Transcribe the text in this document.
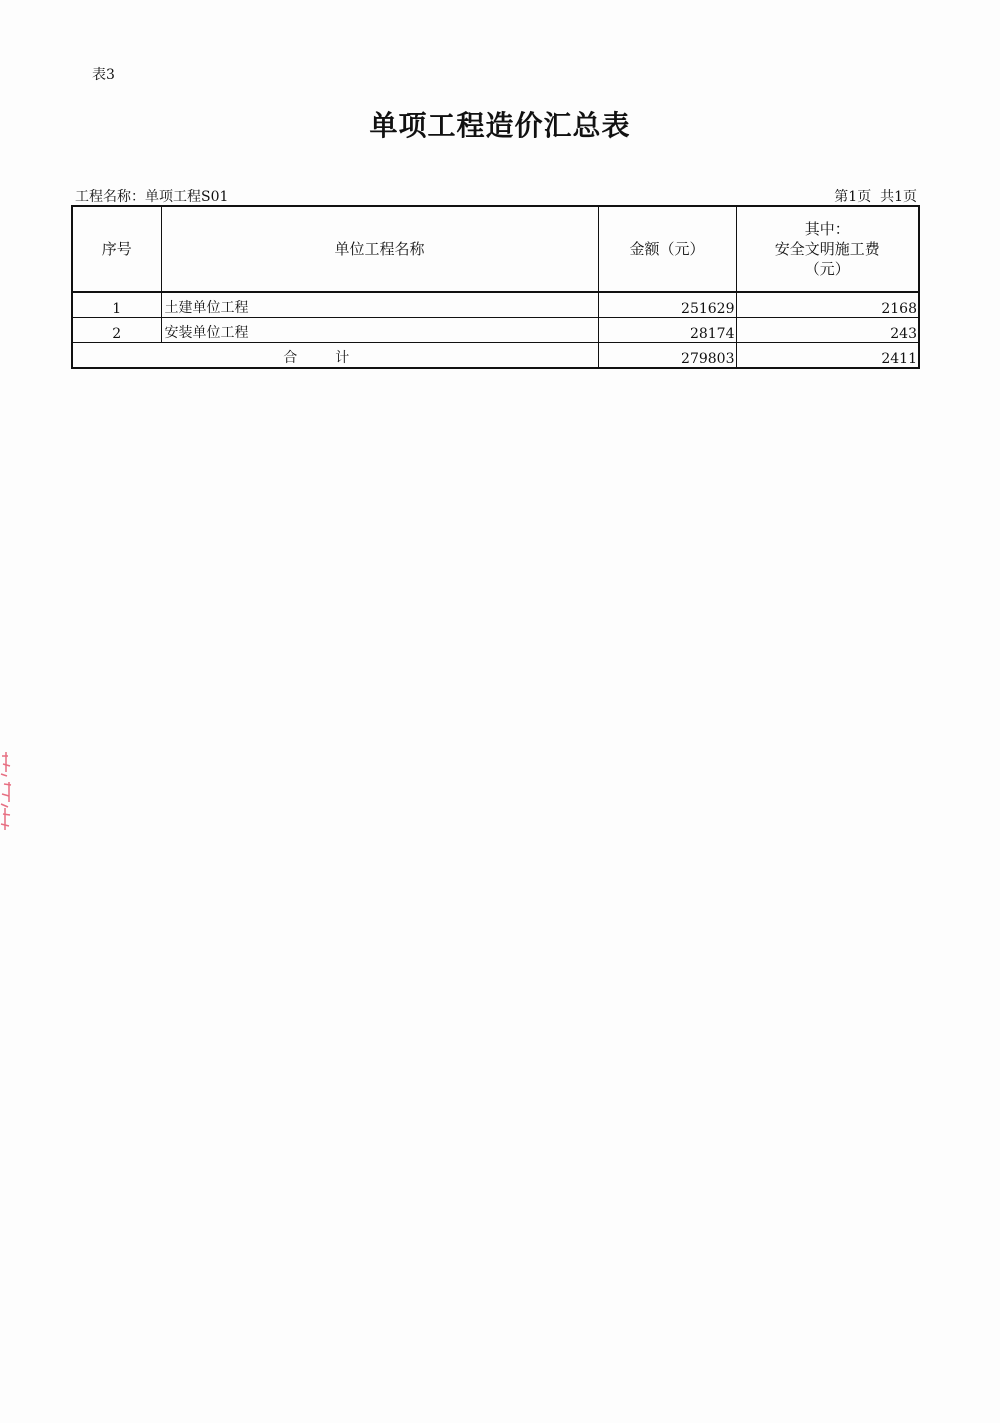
表3
单项工程造价汇总表
工程名称：单项工程S01	第1页  共1页
序号	单位工程名称	金额（元）	其中：
安全文明施工费
（元）

1	土建单位工程	251629	2168
2	安装单位工程	28174	243
合计		279803	2411
